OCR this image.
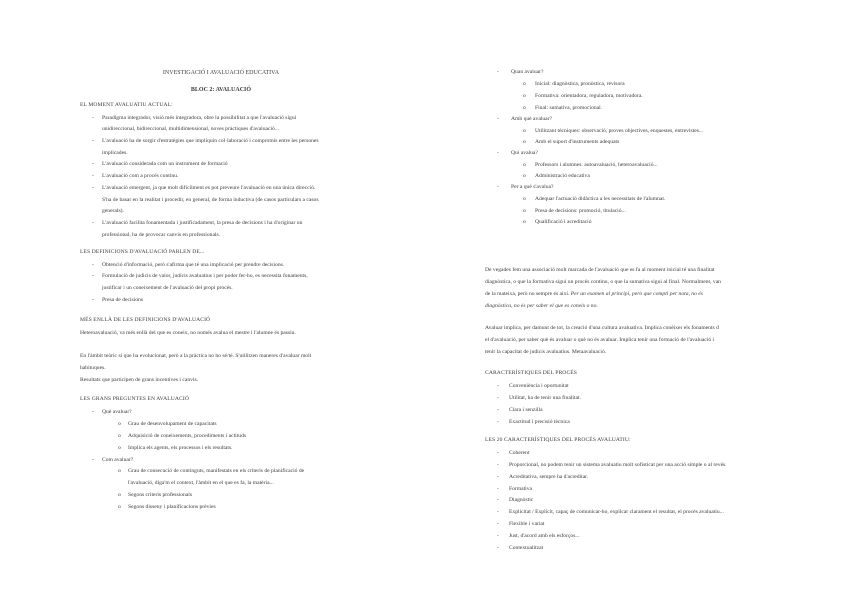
INVESTIGACIÓ I AVALUACIÓ EDUCATIVA
BLOC 2: AVALUACIÓ
EL MOMENT AVALUATIU ACTUAL:
- Paradigma integrador, visió més integradora, obre la possibilitat a que l'avaluació sigui
unidireccional, bidireccional, multidimensional, noves pràctiques d'avaluació...
- L'avaluació ha de sorgir d'estratègies que impliquin col·laboració i compromís entre les persones
implicades.
- L'avaluació considerada com un instrument de formació
- L'avaluació com a procés continu.
- L'avaluació emergent, ja que molt difícilment es pot preveure l'avaluació en una única direcció.
S'ha de basar en la realitat i procedir, en general, de forma inductiva (de casos particulars a casos
generals).
- L'avaluació facilita fonamentada i justificadament, la presa de decisions i ha d'originar un
professional, ha de provocar canvis en professionals.
LES DEFINICIONS D'AVALUACIÓ PARLEN DE...
- Obtenció d'informació, però s'afirma que té una implicació per prendre decisions.
- Formulació de judicis de valor, judicis avaluatius i per poder fer-ho, es necessita fonaments,
justificar i un coneixement de l'avaluació del propi procés.
- Presa de decisions
MÉS ENLLÀ DE LES DEFINICIONS D'AVALUACIÓ
Heteroavaluació, va més enllà del que es coneix, no només avalua el mestre i l'alumne és passiu.
En l'àmbit teòric sí que ha evolucionat, però a la pràctica no ho sé/té. S'utilitzen maneres d'avaluar molt
habituques.
Resultats que participen de grans incentives i canvis.
LES GRANS PREGUNTES EN AVALUACIÓ
- Què avaluar?
o Grau de desenvolupament de capacitats
o Adquisició de coneixements, procediments i actituds
o Implica els agents, els processos i els resultats.
- Com avaluar?
o Grau de consecució de continguts, manifestats en els criteris de planificació de
l'avaluació, diga'm el context, l'àmbit en el que es fa, la matèria...
o Segons criteris professionals
o Segons disseny i planificacions prèvies
- Quan avaluar?
o Inicial: diagnòstica, pronòstica, revisora
o Formativa: orientadora, reguladora, motivadora.
o Final: sumativa, promocional.
- Amb què avaluar?
o Utilitzant tècniques: observació, proves objectives, enquestes, entrevistes...
o Amb el suport d'instruments adequats
- Qui avalua?
o Professors i alumnes: autoavaluació, heteroavaluació...
o Administració educativa
- Per a què s'avalua?
o Adequar l'actuació didàctica a les necessitats de l'alumnat.
o Presa de decisions: promoció, titulació...
o Qualificació i acreditació
De vegades fem una associació molt marcada de l'avaluació que es fa al moment inicial té una finalitat
diagnòstica, o que la formativa sigui un procés continu, o que la sumativa sigui al final. Normalment, van
de la mateixa, però no sempre és així. Per un examen al principi, però que compti per nota, no és
diagnòstica, no és per saber el que es coneix o no.
Avaluar implica, per damunt de tot, la creació d'una cultura avaluativa. Implica conèixer els fonaments d
el d'avaluació, per saber què és avaluar o què no és avaluar. Implica tenir una formació de l'avaluació i
tenir la capacitat de judicis avaluatius. Metaavaluació.
CARACTERÍSTIQUES DEL PROCÉS
- Conveniència i oportunitat
- Utilitat, ha de tenir una finalitat.
- Clara i senzilla
- Exactitud i precisió tècnica
LES 20 CARACTERÍSTIQUES DEL PROCÉS AVALUATIU:
- Coherent
- Proporcional, no podem tenir un sistema avaluatiu molt sofisticat per una acció simple o al revés.
- Acreditativa, sempre ha d'acreditar.
- Formativa
- Diagnòstic
- Explicitat / Explícit, capaç de comunicar-ho, explicar clarament el resultat, el procés avaluatiu...
- Flexible i variat
- Just, d'acord amb els esforços...
- Contextualitzat
